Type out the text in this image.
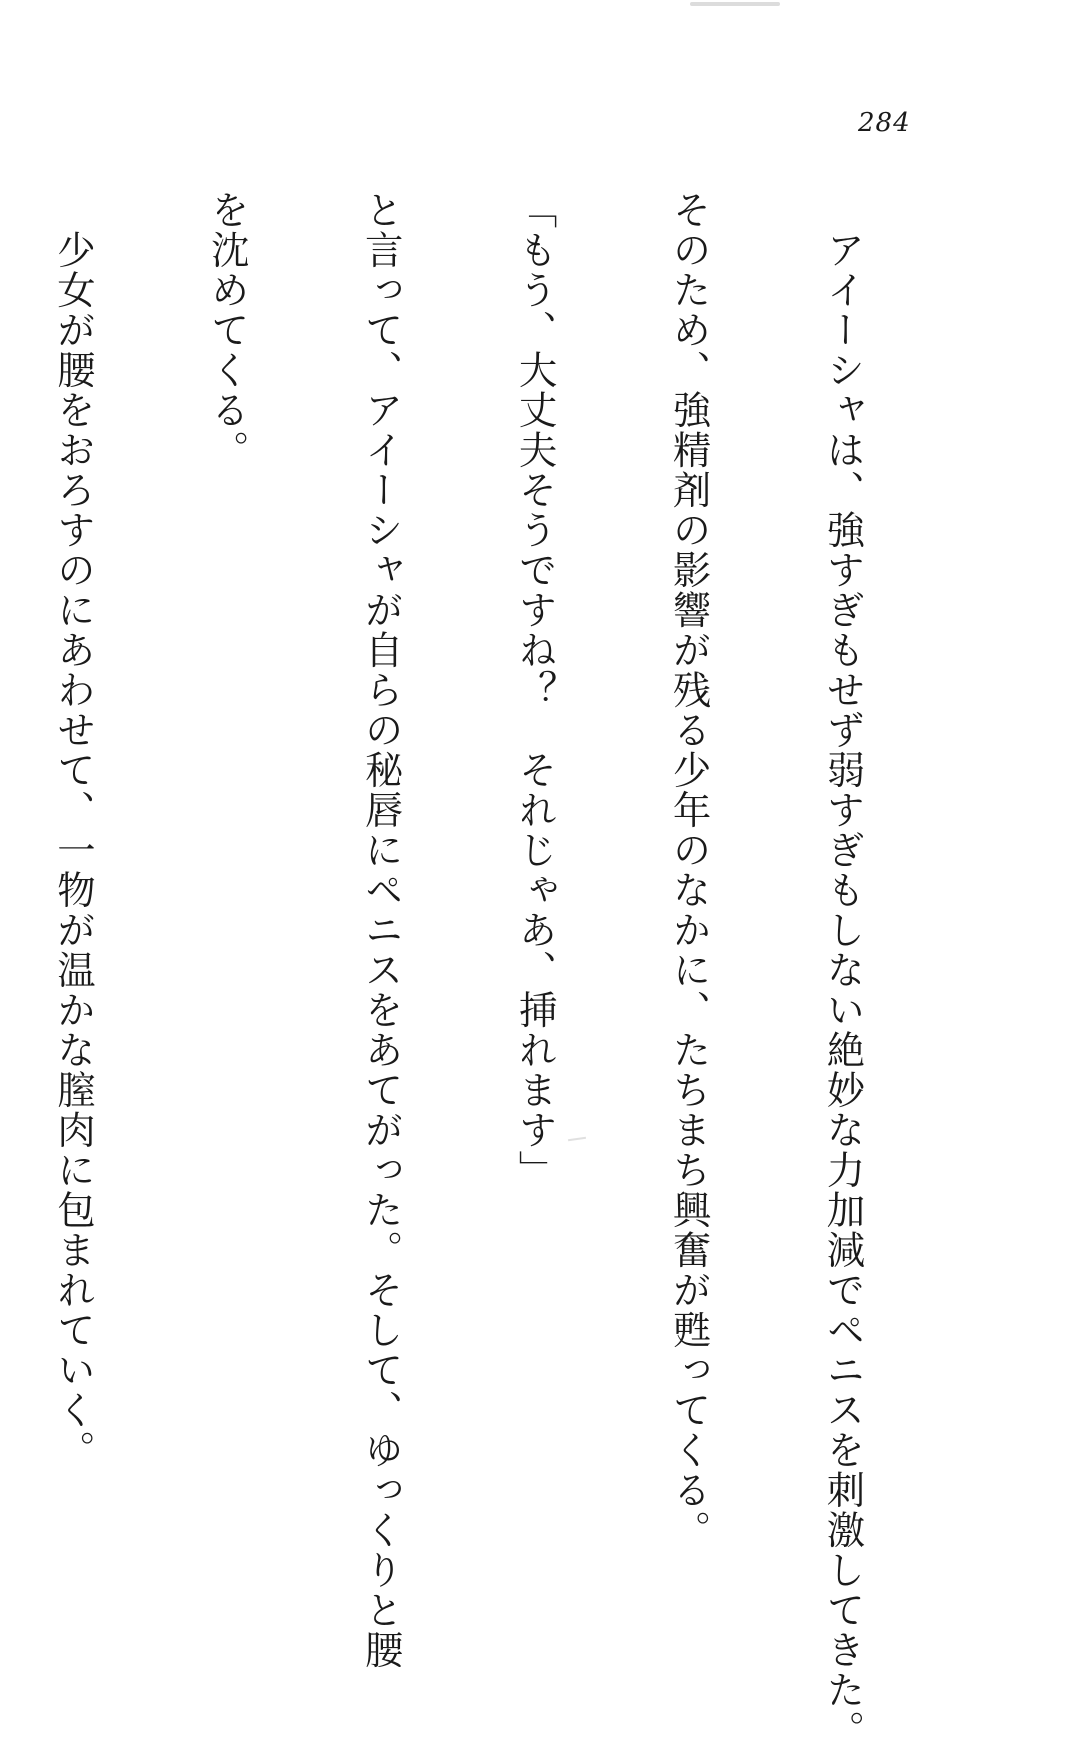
284

　アイーシャは、強すぎもせず弱すぎもしない絶妙な力加減でペニスを刺激してきた。

そのため、強精剤の影響が残る少年のなかに、たちまち興奮が甦ってくる。

「もう、大丈夫そうですね？　それじゃあ、挿れます」

と言って、アイーシャが自らの秘唇にペニスをあてがった。そして、ゆっくりと腰

を沈めてくる。

　少女が腰をおろすのにあわせて、一物が温かな膣肉に包まれていく。
